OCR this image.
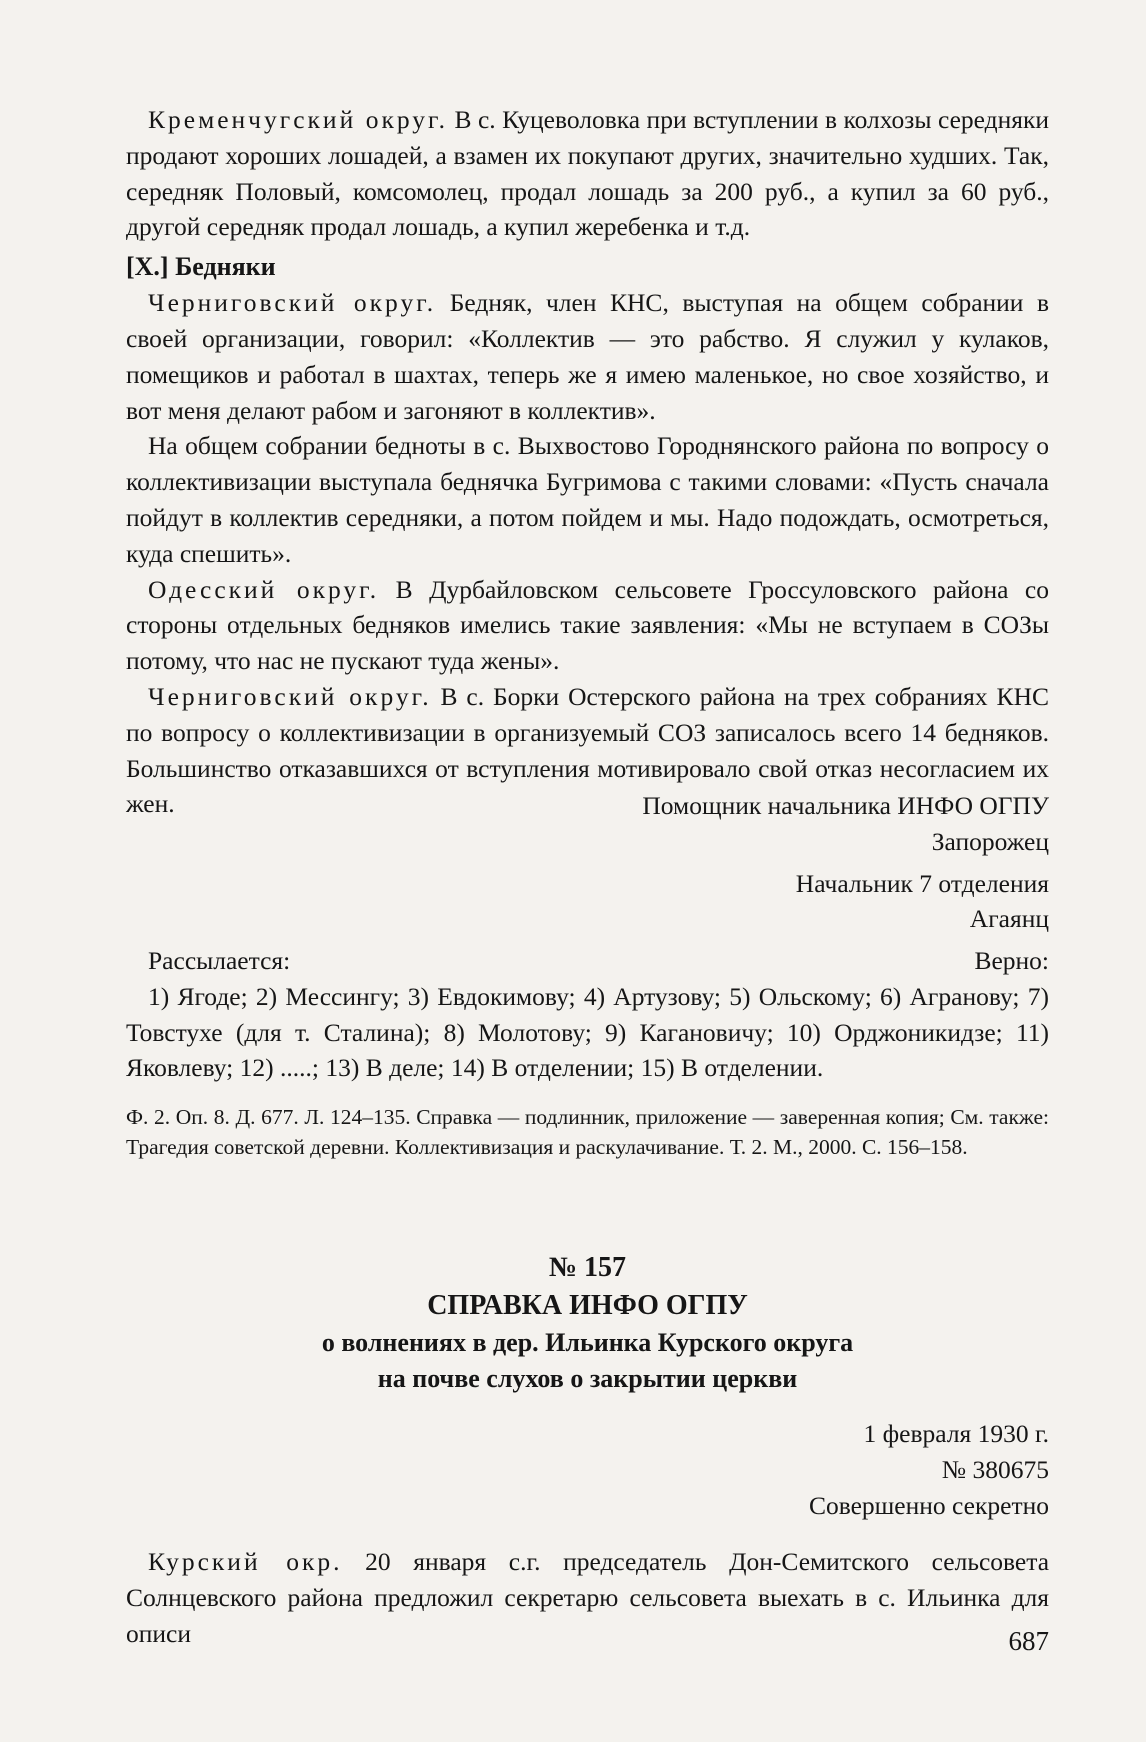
Кременчугский округ. В с. Куцеволовка при вступлении в колхозы середняки продают хороших лошадей, а взамен их покупают других, значительно худших. Так, середняк Половый, комсомолец, продал лошадь за 200 руб., а купил за 60 руб., другой середняк продал лошадь, а купил жеребенка и т.д.

[X.] Бедняки

Черниговский округ. Бедняк, член КНС, выступая на общем собрании в своей организации, говорил: «Коллектив — это рабство. Я служил у кулаков, помещиков и работал в шахтах, теперь же я имею маленькое, но свое хозяйство, и вот меня делают рабом и загоняют в коллектив».

На общем собрании бедноты в с. Выхвостово Городнянского района по вопросу о коллективизации выступала беднячка Бугримова с такими словами: «Пусть сначала пойдут в коллектив середняки, а потом пойдем и мы. Надо подождать, осмотреться, куда спешить».

Одесский округ. В Дурбайловском сельсовете Гроссуловского района со стороны отдельных бедняков имелись такие заявления: «Мы не вступаем в СОЗы потому, что нас не пускают туда жены».

Черниговский округ. В с. Борки Остерского района на трех собраниях КНС по вопросу о коллективизации в организуемый СОЗ записалось всего 14 бедняков. Большинство отказавшихся от вступления мотивировало свой отказ несогласием их жен.	Помощник начальника ИНФО ОГПУ
Запорожец
Начальник 7 отделения
Агаянц
Верно:

Рассылается:

1) Ягоде; 2) Мессингу; 3) Евдокимову; 4) Артузову; 5) Ольскому; 6) Агранову; 7) Товстухе (для т. Сталина); 8) Молотову; 9) Кагановичу; 10) Орджоникидзе; 11) Яковлеву; 12) .....; 13) В деле; 14) В отделении; 15) В отделении.

Ф. 2. Оп. 8. Д. 677. Л. 124–135. Справка — подлинник, приложение — заверенная копия; См. также: Трагедия советской деревни. Коллективизация и раскулачивание. Т. 2. М., 2000. С. 156–158.

№ 157
СПРАВКА ИНФО ОГПУ
о волнениях в дер. Ильинка Курского округа
на почве слухов о закрытии церкви
1 февраля 1930 г.
№ 380675
Совершенно секретно

Курский окр. 20 января с.г. председатель Дон-Семитского сельсовета Солнцевского района предложил секретарю сельсовета выехать в с. Ильинка для описи	687
